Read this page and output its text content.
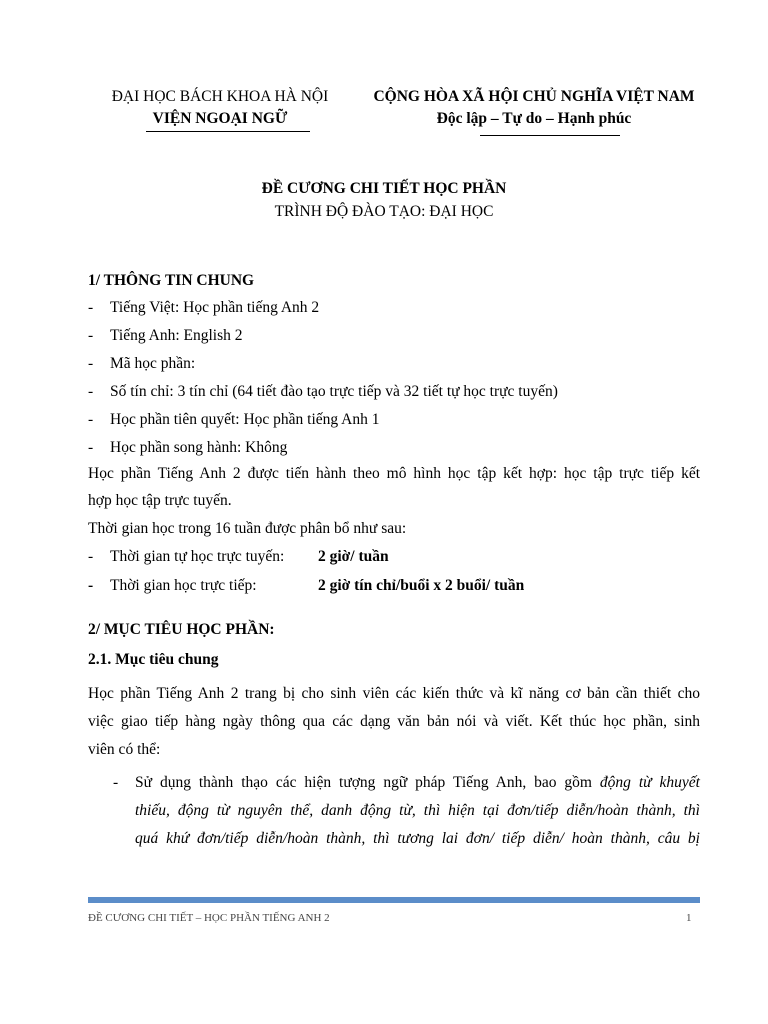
ĐẠI HỌC BÁCH KHOA HÀ NỘI
VIỆN NGOẠI NGỮ
CỘNG HÒA XÃ HỘI CHỦ NGHĨA VIỆT NAM
Độc lập – Tự do – Hạnh phúc
ĐỀ CƯƠNG CHI TIẾT HỌC PHẦN
TRÌNH ĐỘ ĐÀO TẠO: ĐẠI HỌC
1/ THÔNG TIN CHUNG
- Tiếng Việt: Học phần tiếng Anh 2
- Tiếng Anh: English 2
- Mã học phần:
- Số tín chỉ: 3 tín chỉ (64 tiết đào tạo trực tiếp và 32 tiết tự học trực tuyến)
- Học phần tiên quyết: Học phần tiếng Anh 1
- Học phần song hành: Không
Học phần Tiếng Anh 2 được tiến hành theo mô hình học tập kết hợp: học tập trực tiếp kết
hợp học tập trực tuyến.
Thời gian học trong 16 tuần được phân bổ như sau:
- Thời gian tự học trực tuyến: 2 giờ/ tuần
- Thời gian học trực tiếp:	2 giờ tín chỉ/buổi x 2 buổi/ tuần
2/ MỤC TIÊU HỌC PHẦN:
2.1. Mục tiêu chung
Học phần Tiếng Anh 2 trang bị cho sinh viên các kiến thức và kĩ năng cơ bản cần thiết cho
việc giao tiếp hàng ngày thông qua các dạng văn bản nói và viết. Kết thúc học phần, sinh
viên có thể:
- Sử dụng thành thạo các hiện tượng ngữ pháp Tiếng Anh, bao gồm động từ khuyết
thiếu, động từ nguyên thể, danh động từ, thì hiện tại đơn/tiếp diễn/hoàn thành, thì
quá khứ đơn/tiếp diễn/hoàn thành, thì tương lai đơn/ tiếp diễn/ hoàn thành, câu bị
ĐỀ CƯƠNG CHI TIẾT – HỌC PHẦN TIẾNG ANH 2	1
